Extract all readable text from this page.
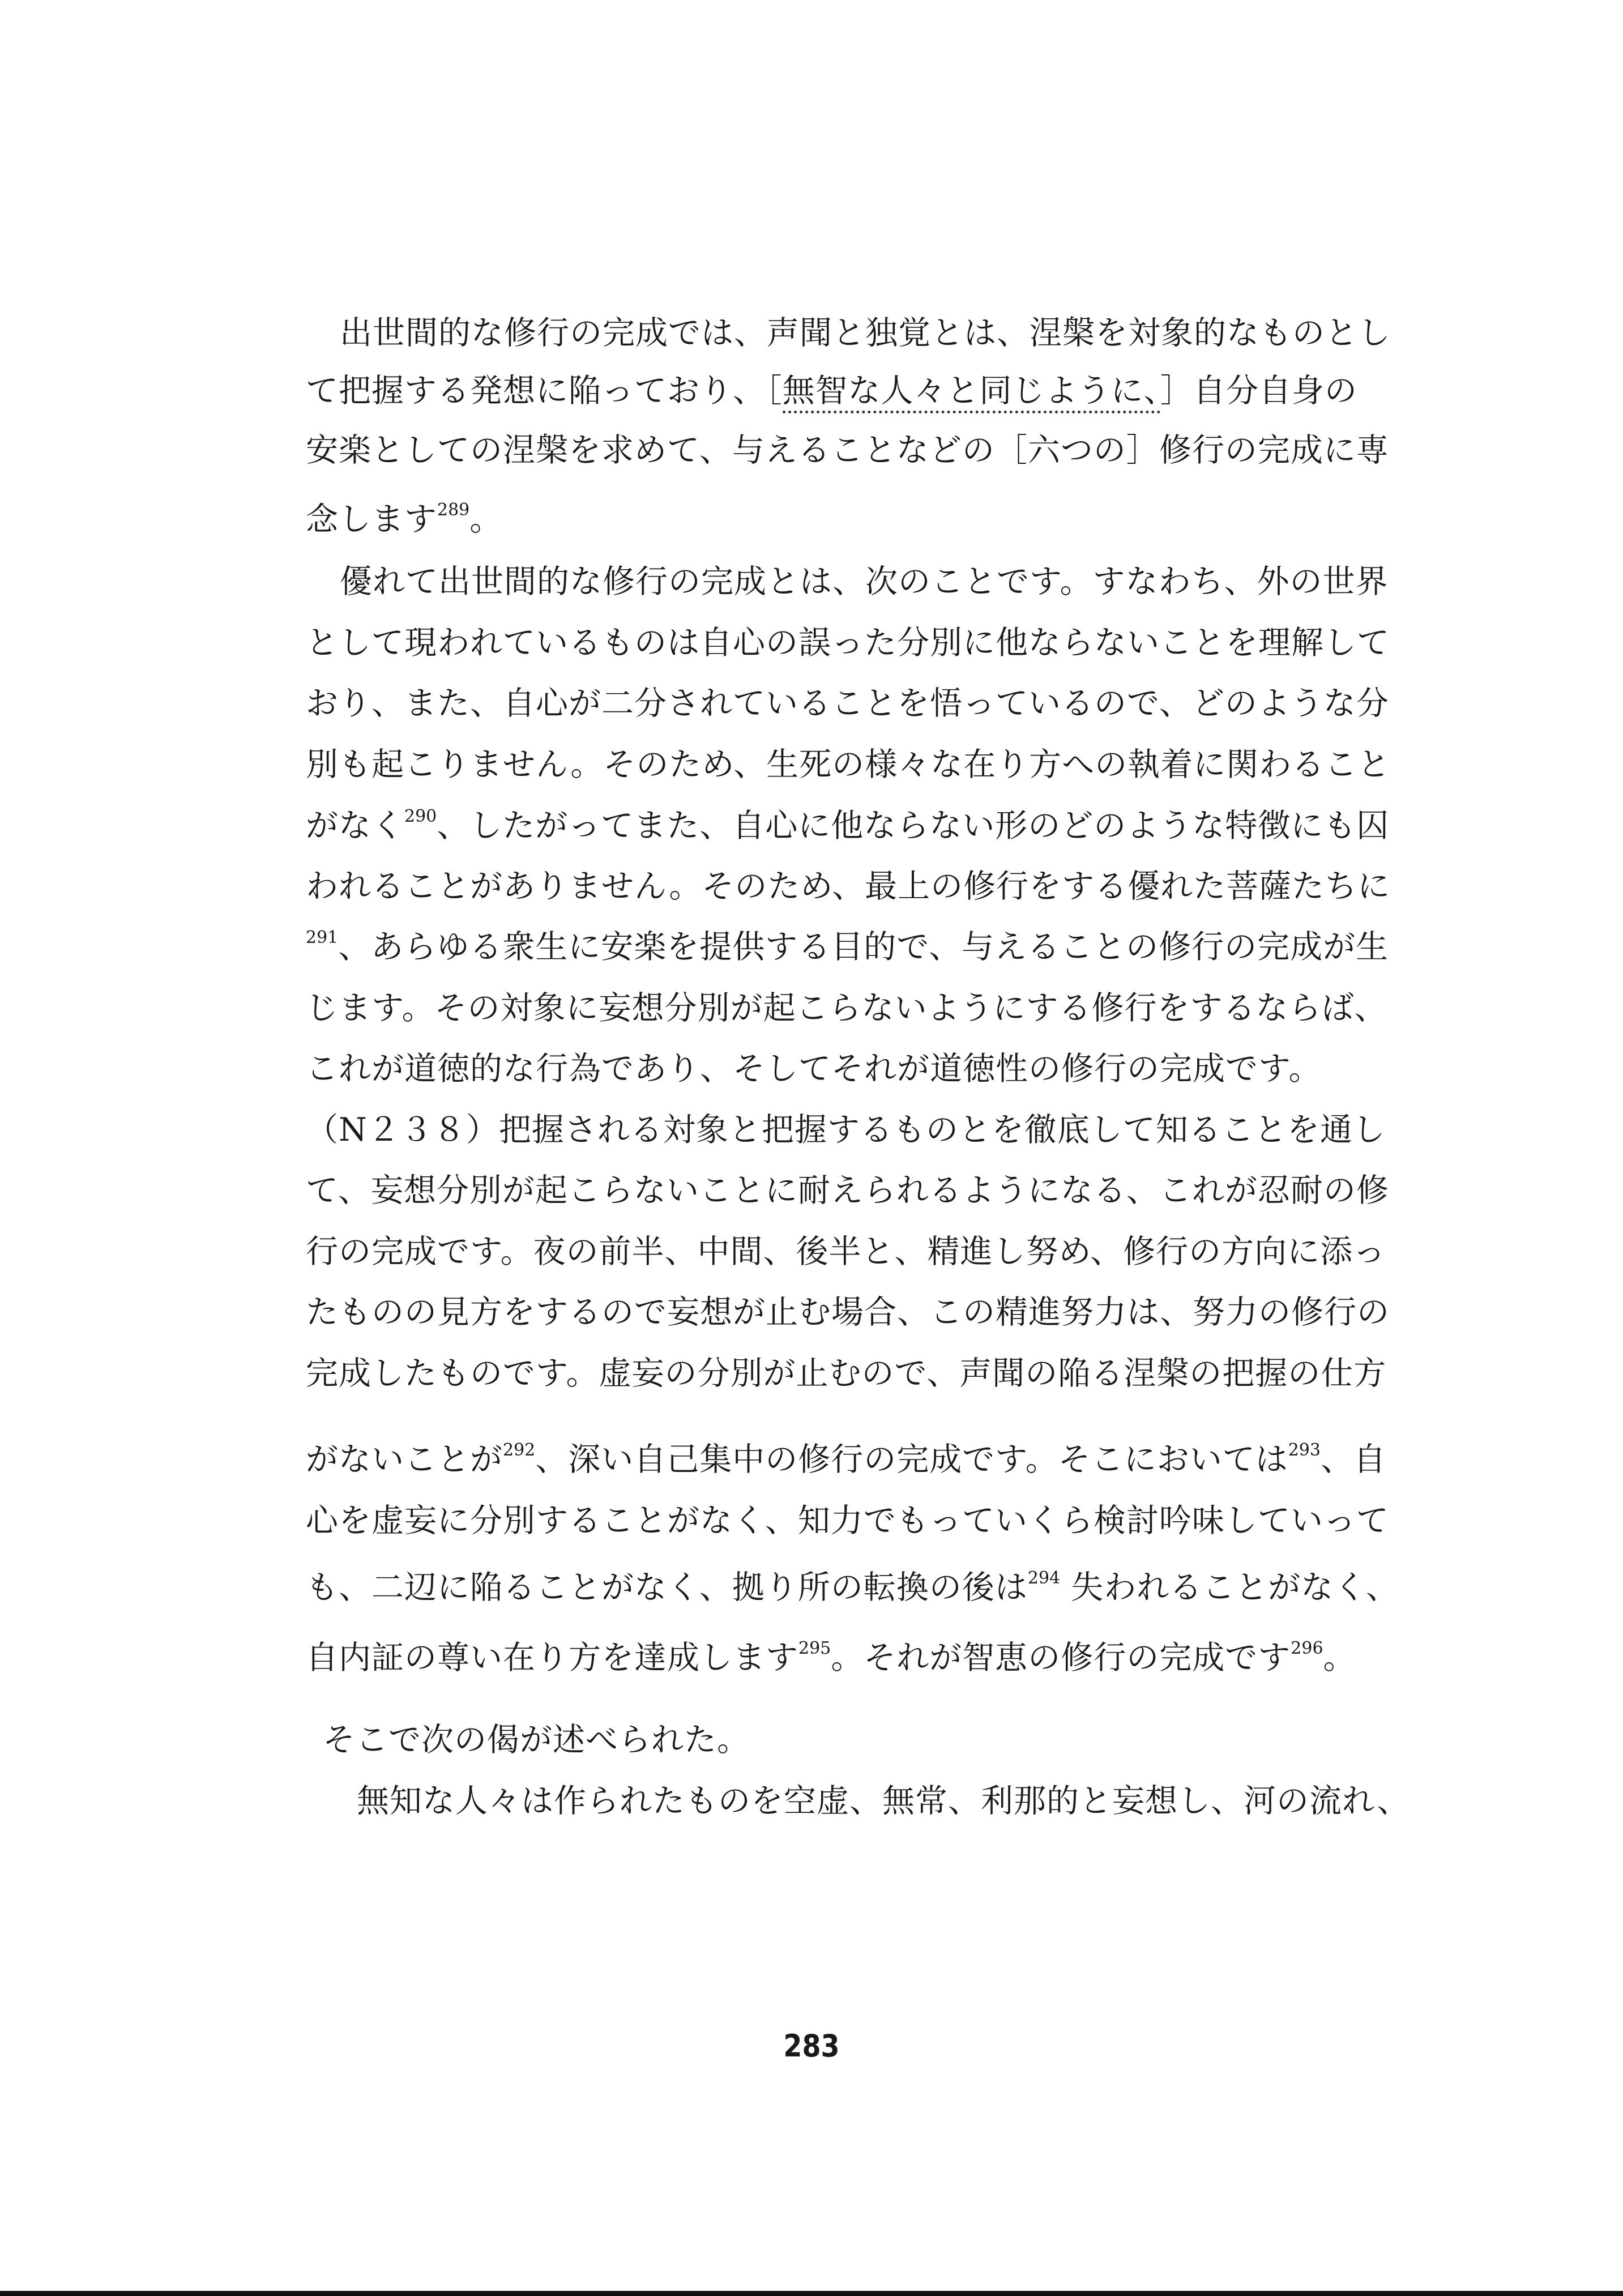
出世間的な修行の完成では、声聞と独覚とは、涅槃を対象的なものとし
て把握する発想に陥っており、［無智な人々と同じように、］自分自身の
安楽としての涅槃を求めて、与えることなどの［六つの］修行の完成に専
念します$^{289}$。
優れて出世間的な修行の完成とは、次のことです。すなわち、外の世界
として現われているものは自心の誤った分別に他ならないことを理解して
おり、また、自心が二分されていることを悟っているので、どのような分
別も起こりません。そのため、生死の様々な在り方への執着に関わること
がなく$^{290}$、したがってまた、自心に他ならない形のどのような特徴にも囚
われることがありません。そのため、最上の修行をする優れた菩薩たちに
$^{291}$、あらゆる衆生に安楽を提供する目的で、与えることの修行の完成が生
じます。その対象に妄想分別が起こらないようにする修行をするならば、
これが道徳的な行為であり、そしてそれが道徳性の修行の完成です。
（N２３８）把握される対象と把握するものとを徹底して知ることを通し
て、妄想分別が起こらないことに耐えられるようになる、これが忍耐の修
行の完成です。夜の前半、中間、後半と、精進し努め、修行の方向に添っ
たものの見方をするので妄想が止む場合、この精進努力は、努力の修行の
完成したものです。虚妄の分別が止むので、声聞の陥る涅槃の把握の仕方
がないことが$^{292}$、深い自己集中の修行の完成です。そこにおいては$^{293}$、自
心を虚妄に分別することがなく、知力でもっていくら検討吟味していって
も、二辺に陥ることがなく、拠り所の転換の後は$^{294}$ 失われることがなく、
自内証の尊い在り方を達成します$^{295}$。それが智恵の修行の完成です$^{296}$。
そこで次の偈が述べられた。
無知な人々は作られたものを空虚、無常、利那的と妄想し、河の流れ、
283
